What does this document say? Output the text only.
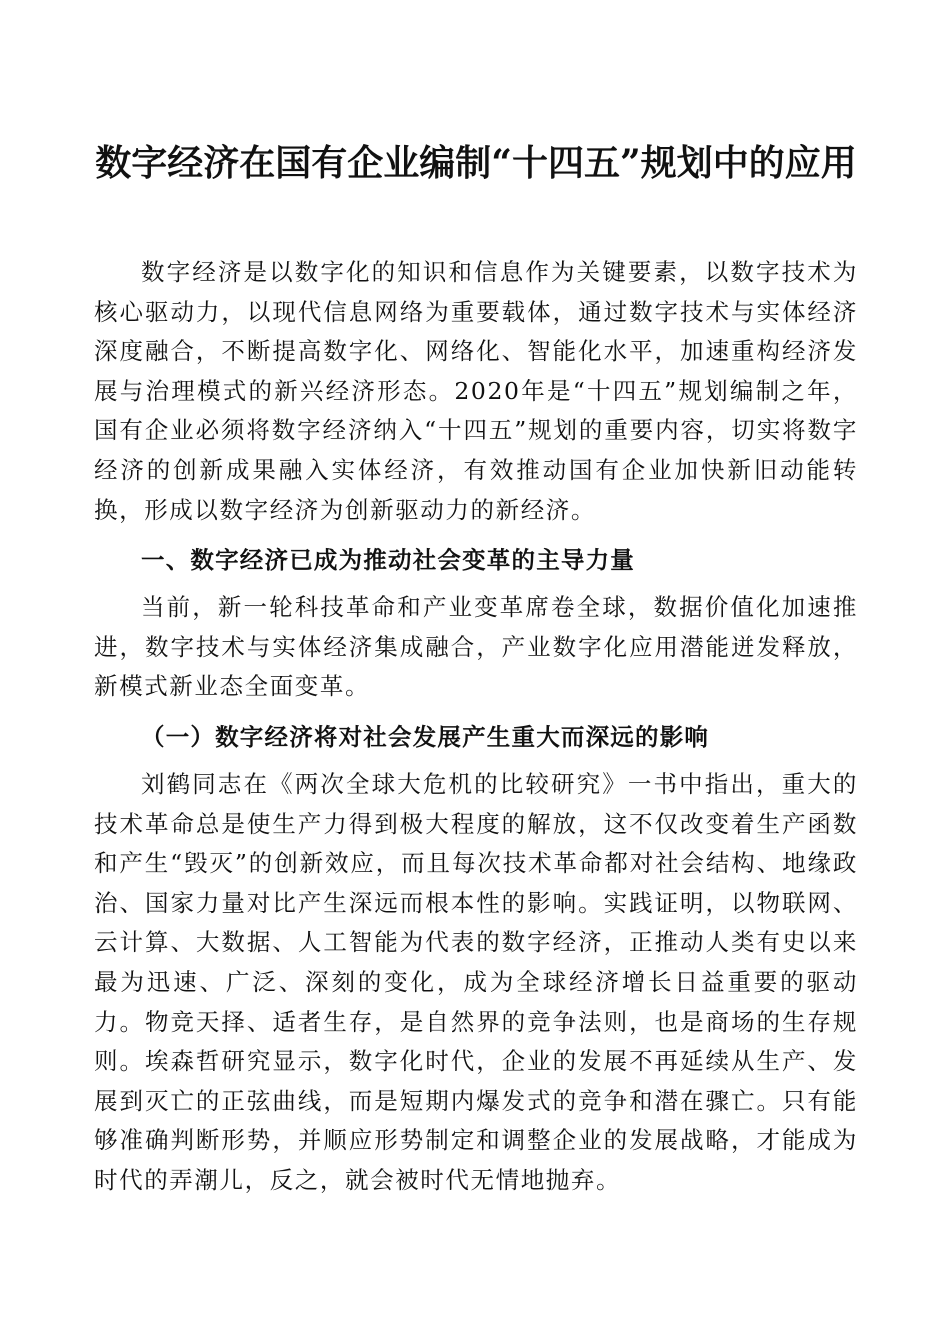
数字经济在国有企业编制“十四五”规划中的应用

数字经济是以数字化的知识和信息作为关键要素，以数字技术为核心驱动力，以现代信息网络为重要载体，通过数字技术与实体经济深度融合，不断提高数字化、网络化、智能化水平，加速重构经济发展与治理模式的新兴经济形态。2020年是“十四五”规划编制之年，国有企业必须将数字经济纳入“十四五”规划的重要内容，切实将数字经济的创新成果融入实体经济，有效推动国有企业加快新旧动能转换，形成以数字经济为创新驱动力的新经济。

一、数字经济已成为推动社会变革的主导力量

当前，新一轮科技革命和产业变革席卷全球，数据价值化加速推进，数字技术与实体经济集成融合，产业数字化应用潜能迸发释放，新模式新业态全面变革。

（一）数字经济将对社会发展产生重大而深远的影响

刘鹤同志在《两次全球大危机的比较研究》一书中指出，重大的技术革命总是使生产力得到极大程度的解放，这不仅改变着生产函数和产生“毁灭”的创新效应，而且每次技术革命都对社会结构、地缘政治、国家力量对比产生深远而根本性的影响。实践证明，以物联网、云计算、大数据、人工智能为代表的数字经济，正推动人类有史以来最为迅速、广泛、深刻的变化，成为全球经济增长日益重要的驱动力。物竞天择、适者生存，是自然界的竞争法则，也是商场的生存规则。埃森哲研究显示，数字化时代，企业的发展不再延续从生产、发展到灭亡的正弦曲线，而是短期内爆发式的竞争和潜在骤亡。只有能够准确判断形势，并顺应形势制定和调整企业的发展战略，才能成为时代的弄潮儿，反之，就会被时代无情地抛弃。
